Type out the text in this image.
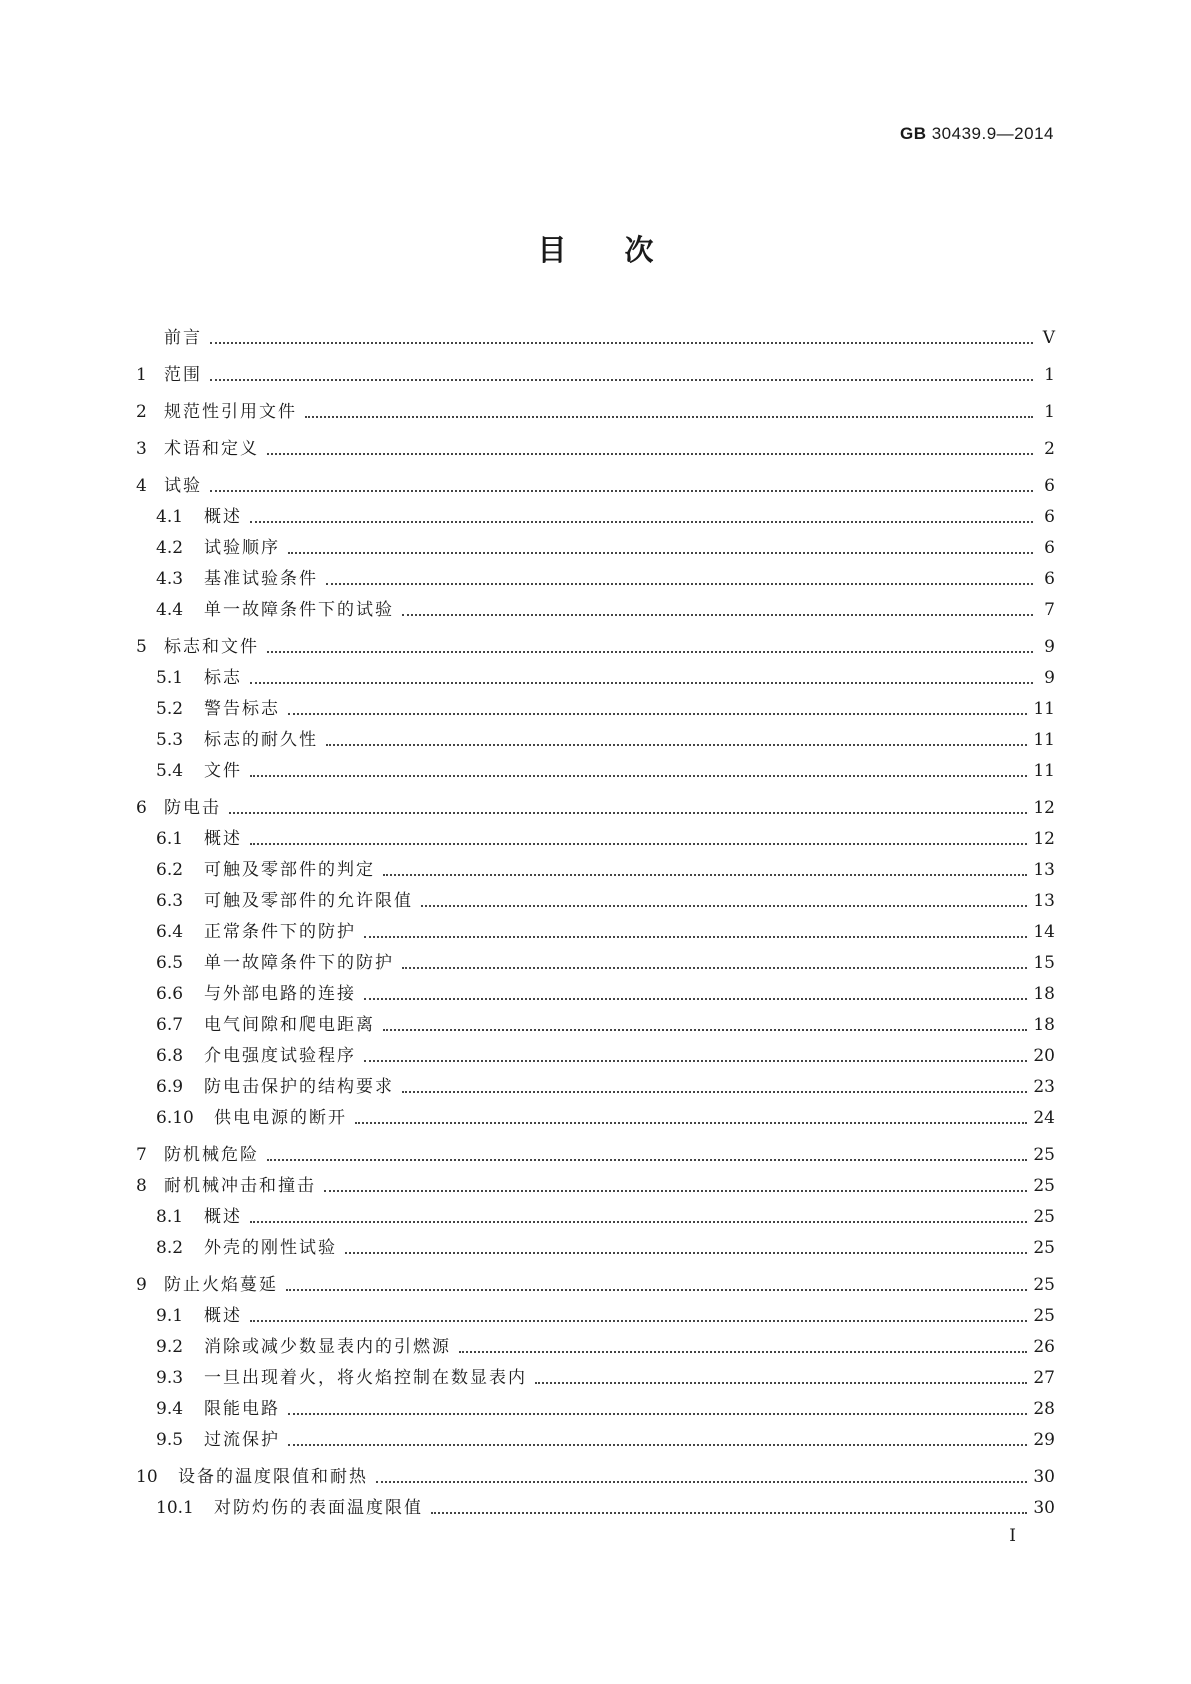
GB 30439.9—2014
目次
前言	Ⅴ
1	范围	1
2	规范性引用文件	1
3	术语和定义	2
4	试验	6
4.1	概述	6
4.2	试验顺序	6
4.3	基准试验条件	6
4.4	单一故障条件下的试验	7
5	标志和文件	9
5.1	标志	9
5.2	警告标志	11
5.3	标志的耐久性	11
5.4	文件	11
6	防电击	12
6.1	概述	12
6.2	可触及零部件的判定	13
6.3	可触及零部件的允许限值	13
6.4	正常条件下的防护	14
6.5	单一故障条件下的防护	15
6.6	与外部电路的连接	18
6.7	电气间隙和爬电距离	18
6.8	介电强度试验程序	20
6.9	防电击保护的结构要求	23
6.10	供电电源的断开	24
7	防机械危险	25
8	耐机械冲击和撞击	25
8.1	概述	25
8.2	外壳的刚性试验	25
9	防止火焰蔓延	25
9.1	概述	25
9.2	消除或减少数显表内的引燃源	26
9.3	一旦出现着火，将火焰控制在数显表内	27
9.4	限能电路	28
9.5	过流保护	29
10	设备的温度限值和耐热	30
10.1	对防灼伤的表面温度限值	30

Ⅰ
